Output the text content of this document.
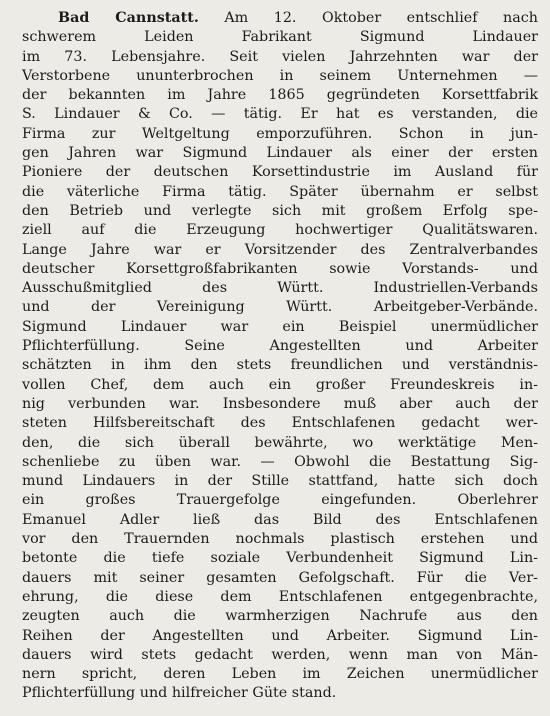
Bad Cannstatt. Am 12. Oktober entschlief nach
schwerem Leiden Fabrikant Sigmund Lindauer
im 73. Lebensjahre. Seit vielen Jahrzehnten war der
Verstorbene ununterbrochen in seinem Unternehmen —
der bekannten im Jahre 1865 gegründeten Korsettfabrik
S. Lindauer & Co. — tätig. Er hat es verstanden, die
Firma zur Weltgeltung emporzuführen. Schon in jun-
gen Jahren war Sigmund Lindauer als einer der ersten
Pioniere der deutschen Korsettindustrie im Ausland für
die väterliche Firma tätig. Später übernahm er selbst
den Betrieb und verlegte sich mit großem Erfolg spe-
ziell auf die Erzeugung hochwertiger Qualitätswaren.
Lange Jahre war er Vorsitzender des Zentralverbandes
deutscher Korsettgroßfabrikanten sowie Vorstands- und
Ausschußmitglied des Württ. Industriellen-Verbands
und der Vereinigung Württ. Arbeitgeber-Verbände.
Sigmund Lindauer war ein Beispiel unermüdlicher
Pflichterfüllung. Seine Angestellten und Arbeiter
schätzten in ihm den stets freundlichen und verständnis-
vollen Chef, dem auch ein großer Freundeskreis in-
nig verbunden war. Insbesondere muß aber auch der
steten Hilfsbereitschaft des Entschlafenen gedacht wer-
den, die sich überall bewährte, wo werktätige Men-
schenliebe zu üben war. — Obwohl die Bestattung Sig-
mund Lindauers in der Stille stattfand, hatte sich doch
ein großes Trauergefolge eingefunden. Oberlehrer
Emanuel Adler ließ das Bild des Entschlafenen
vor den Trauernden nochmals plastisch erstehen und
betonte die tiefe soziale Verbundenheit Sigmund Lin-
dauers mit seiner gesamten Gefolgschaft. Für die Ver-
ehrung, die diese dem Entschlafenen entgegenbrachte,
zeugten auch die warmherzigen Nachrufe aus den
Reihen der Angestellten und Arbeiter. Sigmund Lin-
dauers wird stets gedacht werden, wenn man von Män-
nern spricht, deren Leben im Zeichen unermüdlicher
Pflichterfüllung und hilfreicher Güte stand.
